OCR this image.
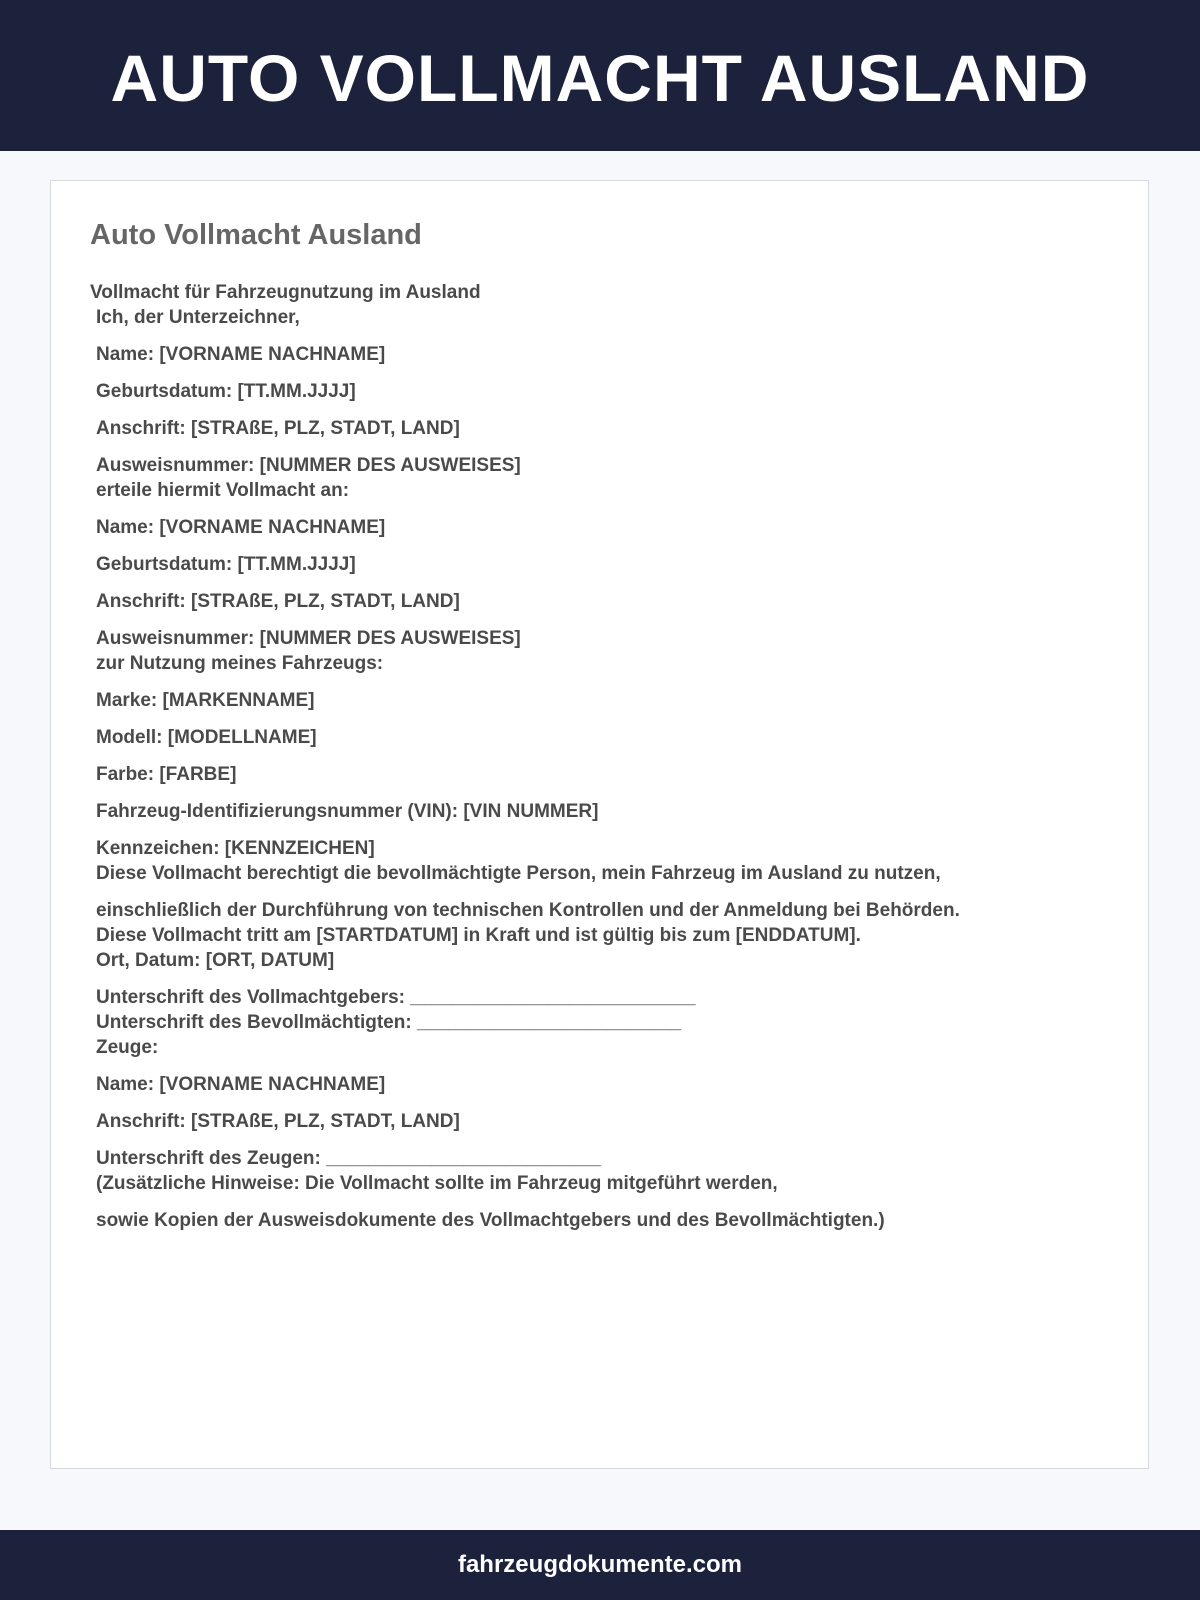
AUTO VOLLMACHT AUSLAND
Auto Vollmacht Ausland
Vollmacht für Fahrzeugnutzung im Ausland
Ich, der Unterzeichner,
Name: [VORNAME NACHNAME]
Geburtsdatum: [TT.MM.JJJJ]
Anschrift: [STRAßE, PLZ, STADT, LAND]
Ausweisnummer: [NUMMER DES AUSWEISES]
erteile hiermit Vollmacht an:
Name: [VORNAME NACHNAME]
Geburtsdatum: [TT.MM.JJJJ]
Anschrift: [STRAßE, PLZ, STADT, LAND]
Ausweisnummer: [NUMMER DES AUSWEISES]
zur Nutzung meines Fahrzeugs:
Marke: [MARKENNAME]
Modell: [MODELLNAME]
Farbe: [FARBE]
Fahrzeug-Identifizierungsnummer (VIN): [VIN NUMMER]
Kennzeichen: [KENNZEICHEN]
Diese Vollmacht berechtigt die bevollmächtigte Person, mein Fahrzeug im Ausland zu nutzen,
einschließlich der Durchführung von technischen Kontrollen und der Anmeldung bei Behörden.
Diese Vollmacht tritt am [STARTDATUM] in Kraft und ist gültig bis zum [ENDDATUM].
Ort, Datum: [ORT, DATUM]
Unterschrift des Vollmachtgebers: ___________________________
Unterschrift des Bevollmächtigten: _________________________
Zeuge:
Name: [VORNAME NACHNAME]
Anschrift: [STRAßE, PLZ, STADT, LAND]
Unterschrift des Zeugen: __________________________
(Zusätzliche Hinweise: Die Vollmacht sollte im Fahrzeug mitgeführt werden,
sowie Kopien der Ausweisdokumente des Vollmachtgebers und des Bevollmächtigten.)
fahrzeugdokumente.com
